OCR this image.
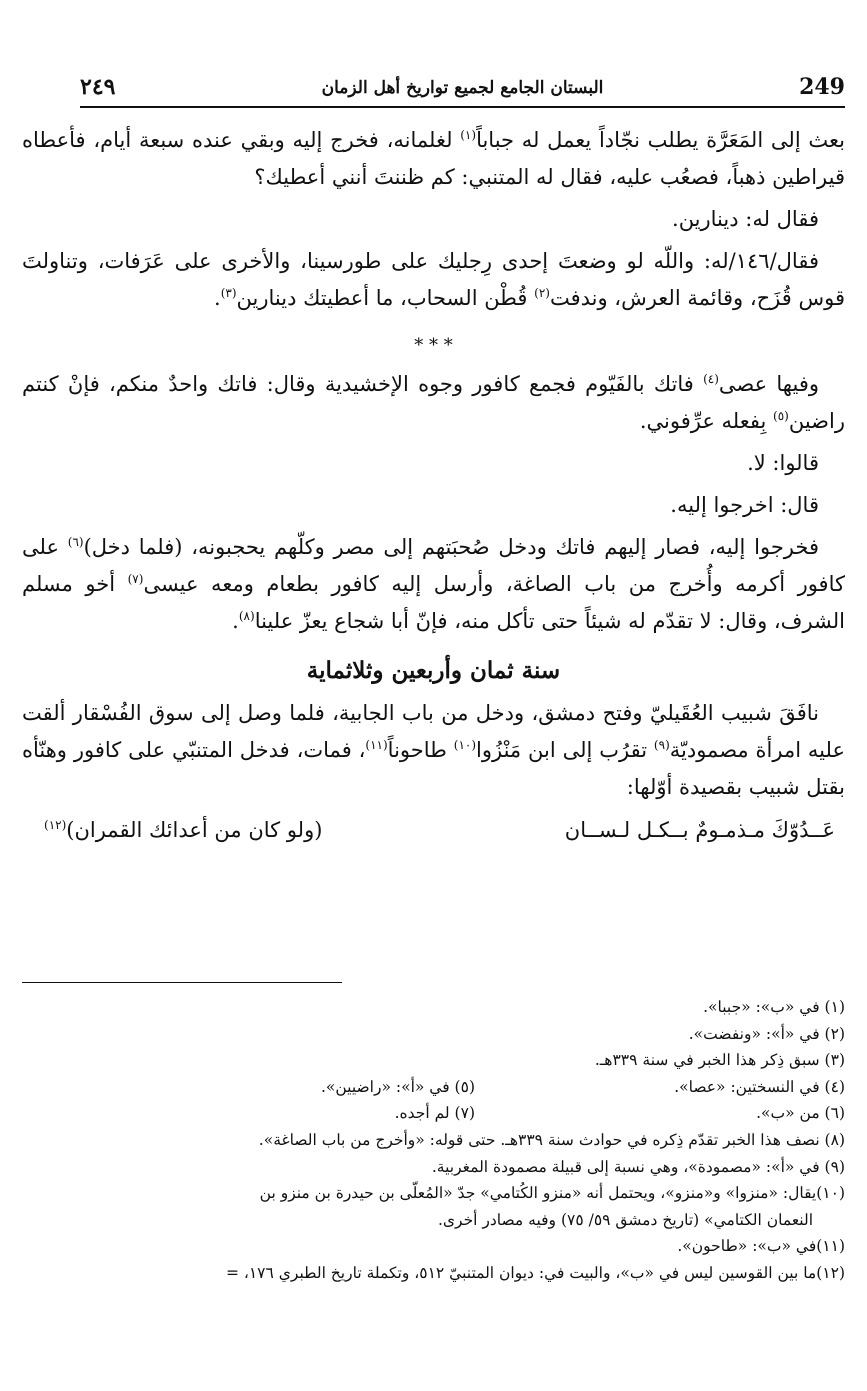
249
البستان الجامع لجميع تواريخ أهل الزمان
٢٤٩

بعث إلى المَعَرَّة يطلب نجّاداً يعمل له جباباً$^{(١)}$ لغلمانه، فخرج إليه وبقي عنده سبعة أيام، فأعطاه قيراطين ذهباً، فصعُب عليه، فقال له المتنبي: كم ظننتَ أنني أعطيك؟

فقال له: دينارين.

فقال/١٤٦/له: واللّه لو وضعتَ إحدى رِجليك على طورسينا، والأخرى على عَرَفات، وتناولتَ قوس قُزَح، وقائمة العرش، وندفت$^{(٢)}$ قُطْن السحاب، ما أعطيتك دينارين$^{(٣)}$.

* * *

وفيها عصى$^{(٤)}$ فاتك بالفَيّوم فجمع كافور وجوه الإخشيدية وقال: فاتك واحدٌ منكم، فإنْ كنتم راضين$^{(٥)}$ بِفعله عرِّفوني.

قالوا: لا.

قال: اخرجوا إليه.

فخرجوا إليه، فصار إليهم فاتك ودخل صُحبَتهم إلى مصر وكلّهم يحجبونه، (فلما دخل)$^{(٦)}$ على كافور أكرمه وأُخرج من باب الصاغة، وأرسل إليه كافور بطعام ومعه عيسى$^{(٧)}$ أخو مسلم الشرف، وقال: لا تقدّم له شيئاً حتى تأكل منه، فإنّ أبا شجاع يعزّ علينا$^{(٨)}$.

سنة ثمان وأربعين وثلاثماية

نافَقَ شبيب العُقَيليّ وفتح دمشق، ودخل من باب الجابية، فلما وصل إلى سوق الفُسْقار ألقت عليه امرأة مصموديّة$^{(٩)}$ تقرُب إلى ابن مَنْزُوا$^{(١٠)}$ طاحوناً$^{(١١)}$، فمات، فدخل المتنبّي على كافور وهنّأه بقتل شبيب بقصيدة أوّلها:

عَــدُوّكَ مـذمـومٌ بــكـل لـســان
(ولو كان من أعدائك القمران)$^{(١٢)}$

(١) في «ب»: «جببا».

(٢) في «أ»: «ونفضت».

(٣) سبق ذِكر هذا الخبر في سنة ٣٣٩هـ.

(٤) في النسختين: «عصا».
(٥) في «أ»: «راضيين».
(٦) من «ب».
(٧) لم أجده.

(٨) نصف هذا الخبر تقدّم ذِكره في حوادث سنة ٣٣٩هـ. حتى قوله: «وأخرج من باب الصاغة».

(٩) في «أ»: «مصمودة»، وهي نسبة إلى قبيلة مصمودة المغربية.

(١٠)يقال: «منزوا» و«منزو»، ويحتمل أنه «منزو الكُتامي» جدّ «المُعلّى بن حيدرة بن منزو بن

النعمان الكتامي» (تاريخ دمشق ٥٩/ ٧٥) وفيه مصادر أخرى.

(١١)في «ب»: «طاحون».

(١٢)ما بين القوسين ليس في «ب»، والبيت في: ديوان المتنبيّ ٥١٢، وتكملة تاريخ الطبري ١٧٦، =
